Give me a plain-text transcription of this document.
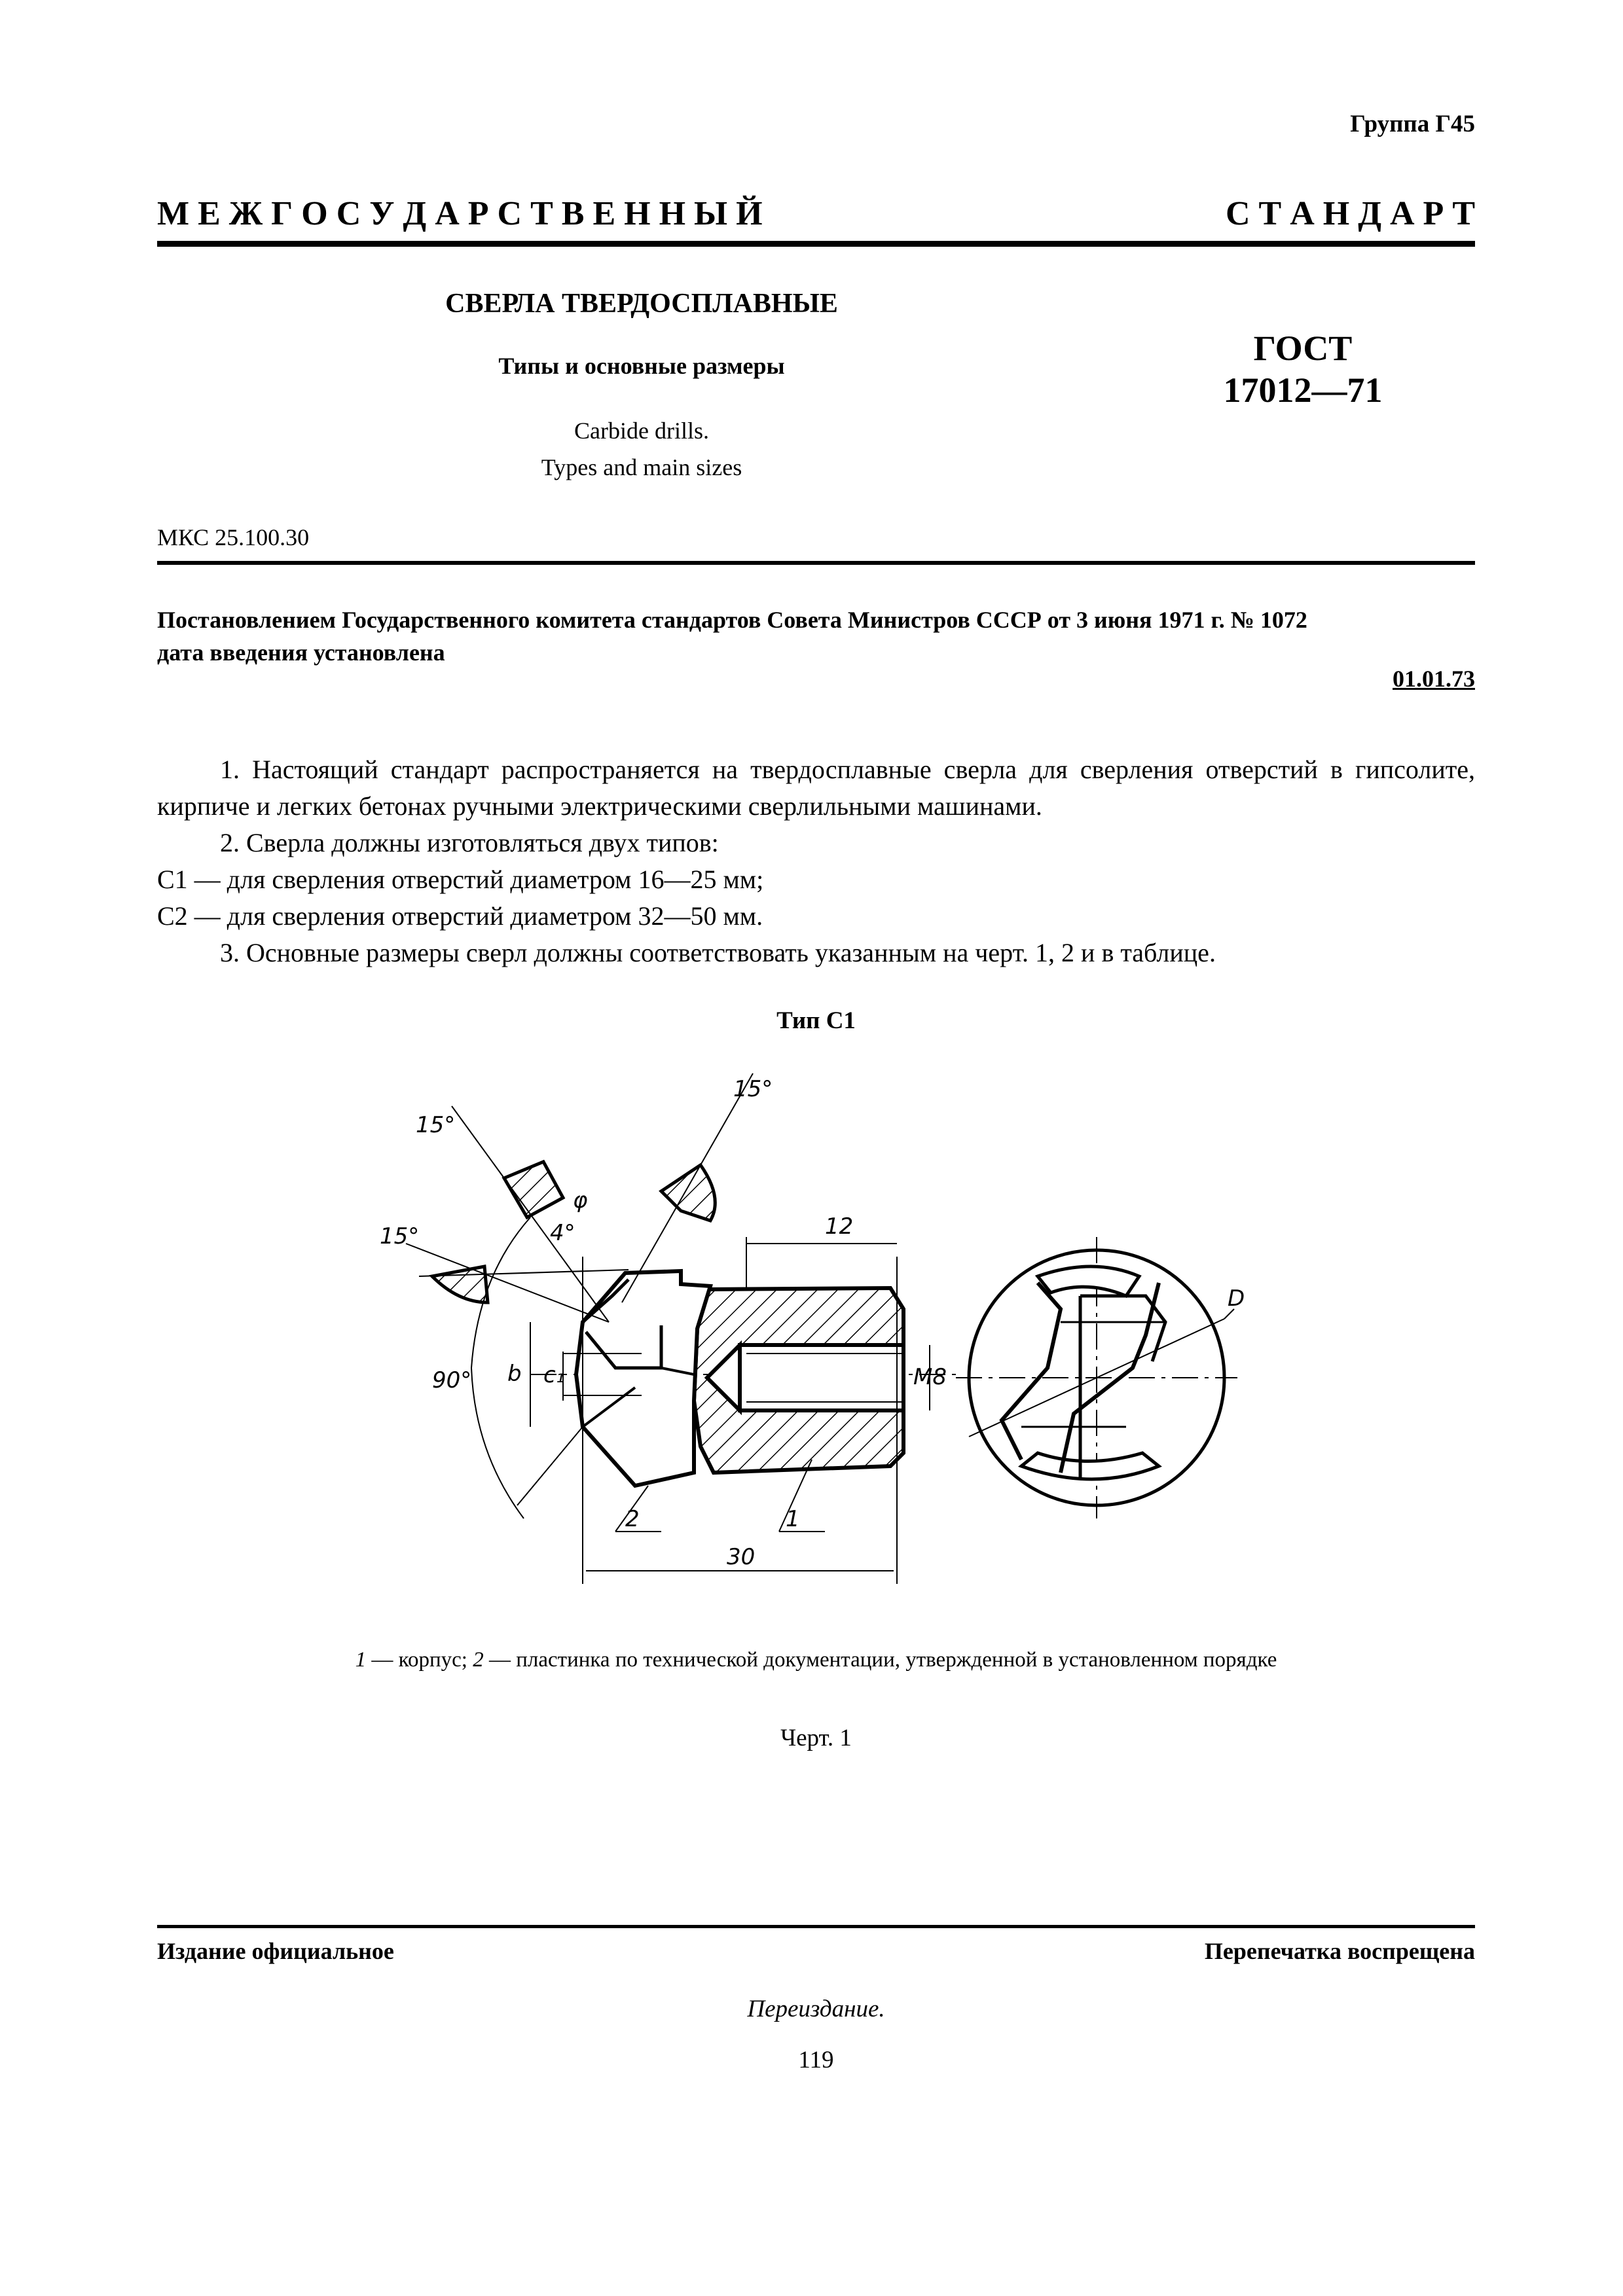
Группа Г45
М Е Ж Г О С У Д А Р С Т В Е Н Н Ы Й	С Т А Н Д А Р Т
СВЕРЛА ТВЕРДОСПЛАВНЫЕ
Типы и основные размеры
Carbide drills.
Types and main sizes
ГОСТ
17012—71
МКС 25.100.30
Постановлением Государственного комитета стандартов Совета Министров СССР от 3 июня 1971 г. № 1072
дата введения установлена
01.01.73

1. Настоящий стандарт распространяется на твердосплавные сверла для сверления отверстий в гипсолите, кирпиче и легких бетонах ручными электрическими сверлильными машинами.

2. Сверла должны изготовляться двух типов:

С1 — для сверления отверстий диаметром 16—25 мм;

С2 — для сверления отверстий диаметром 32—50 мм.

3. Основные размеры сверл должны соответствовать указанным на черт. 1, 2 и в таблице.

Тип С1
15°
15°
15°
φ
4°
90° b c₁
12
M8
30
D
1
2
1 — корпус; 2 — пластинка по технической документации, утвержденной в установленном порядке
Черт. 1
Издание официальное	Перепечатка воспрещена
Переиздание.
119
